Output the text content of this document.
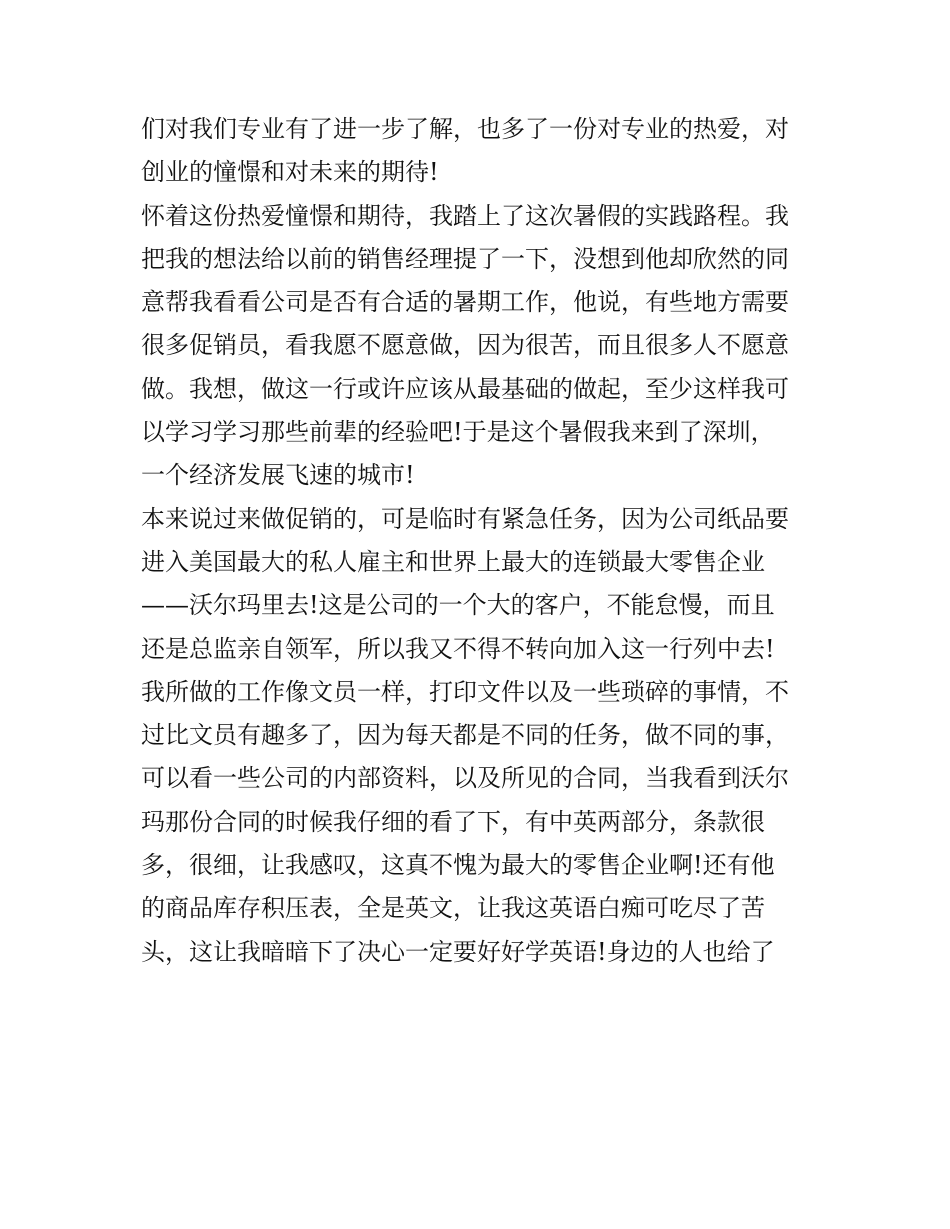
们对我们专业有了进一步了解，也多了一份对专业的热爱，对
创业的憧憬和对未来的期待!
怀着这份热爱憧憬和期待，我踏上了这次暑假的实践路程。我
把我的想法给以前的销售经理提了一下，没想到他却欣然的同
意帮我看看公司是否有合适的暑期工作，他说，有些地方需要
很多促销员，看我愿不愿意做，因为很苦，而且很多人不愿意
做。我想，做这一行或许应该从最基础的做起，至少这样我可
以学习学习那些前辈的经验吧!于是这个暑假我来到了深圳，
一个经济发展飞速的城市!
本来说过来做促销的，可是临时有紧急任务，因为公司纸品要
进入美国最大的私人雇主和世界上最大的连锁最大零售企业
——沃尔玛里去!这是公司的一个大的客户，不能怠慢，而且
还是总监亲自领军，所以我又不得不转向加入这一行列中去!
我所做的工作像文员一样，打印文件以及一些琐碎的事情，不
过比文员有趣多了，因为每天都是不同的任务，做不同的事，
可以看一些公司的内部资料，以及所见的合同，当我看到沃尔
玛那份合同的时候我仔细的看了下，有中英两部分，条款很
多，很细，让我感叹，这真不愧为最大的零售企业啊!还有他
的商品库存积压表，全是英文，让我这英语白痴可吃尽了苦
头，这让我暗暗下了决心一定要好好学英语!身边的人也给了
